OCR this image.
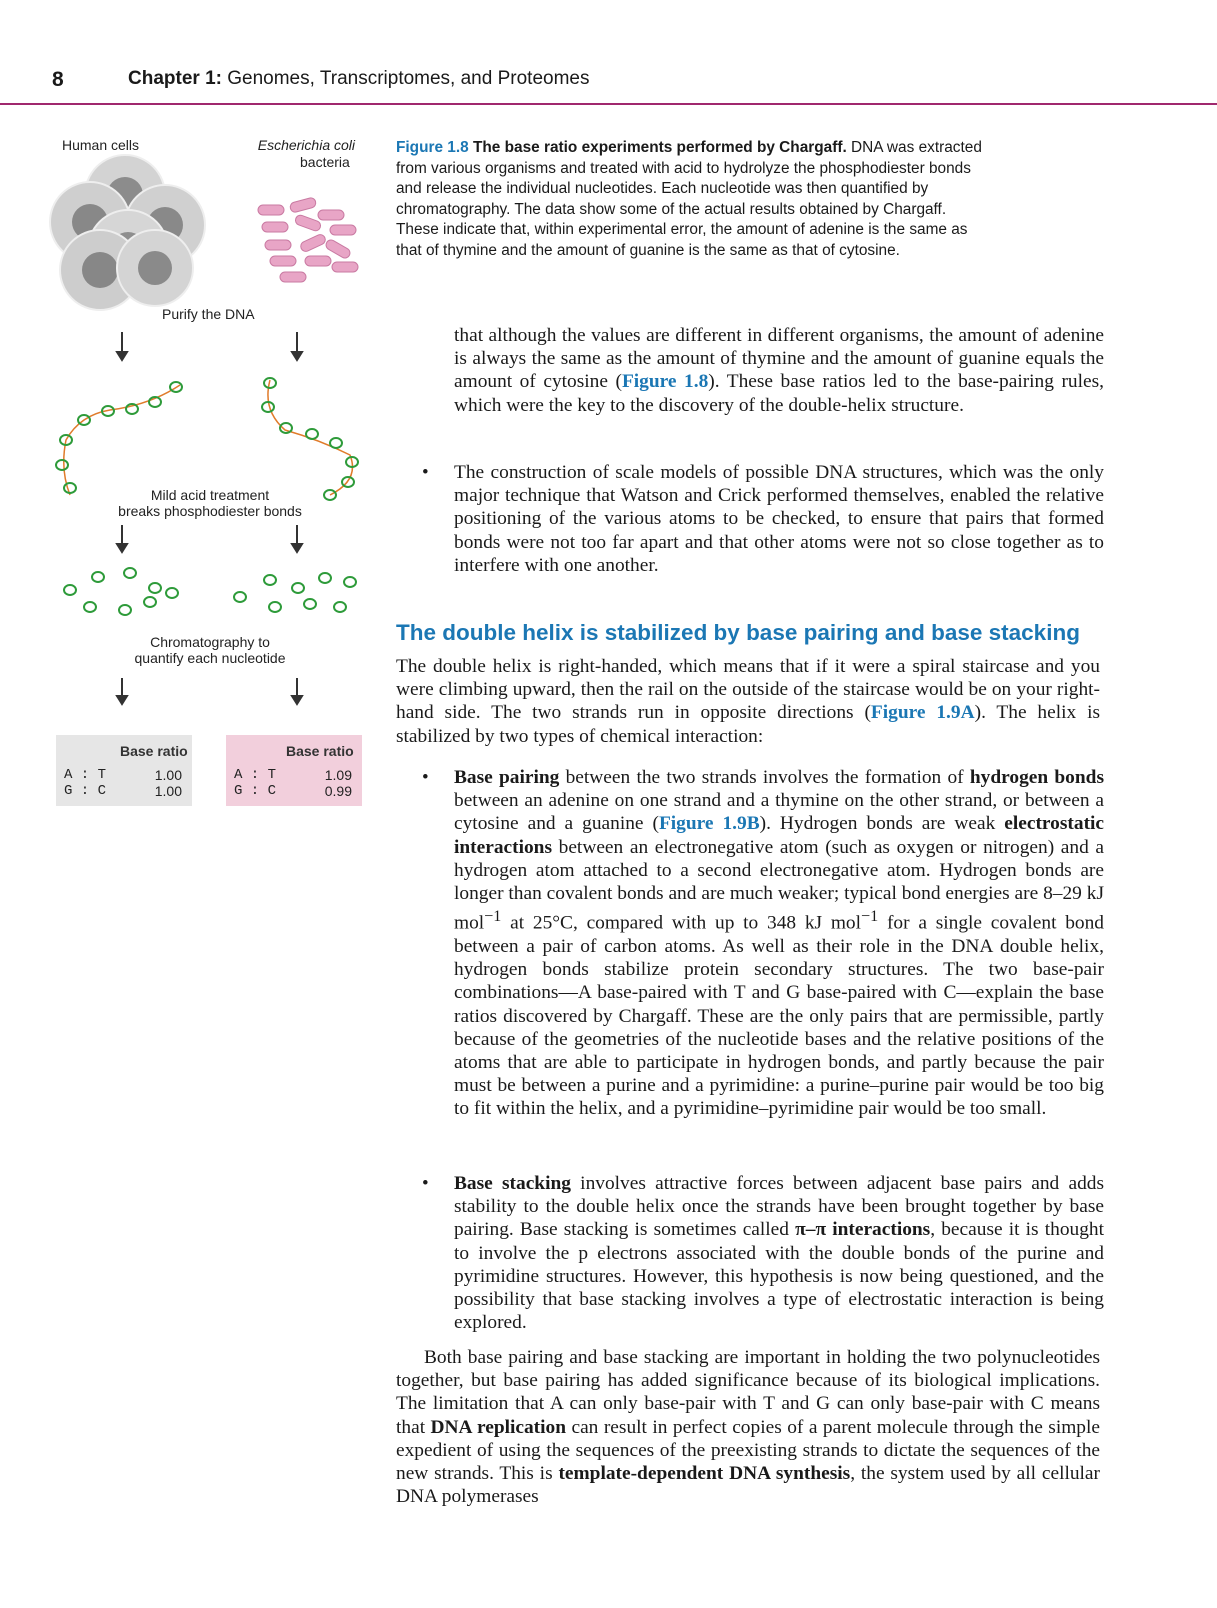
8	Chapter 1: Genomes, Transcriptomes, and Proteomes
Human cells	Escherichia coli
bacteria
Purify the DNA
Mild acid treatment
breaks phosphodiester bonds
Chromatography to
quantify each nucleotide
Base ratio
A : T
G : C
1.00
1.00
Base ratio
A : T
G : C
1.09
0.99
Figure 1.8 The base ratio experiments performed by Chargaff. DNA was extracted from various organisms and treated with acid to hydrolyze the phosphodiester bonds and release the individual nucleotides. Each nucleotide was then quantified by chromatography. The data show some of the actual results obtained by Chargaff. These indicate that, within experimental error, the amount of adenine is the same as that of thymine and the amount of guanine is the same as that of cytosine.
that although the values are different in different organisms, the amount of adenine is always the same as the amount of thymine and the amount of guanine equals the amount of cytosine (Figure 1.8). These base ratios led to the base-pairing rules, which were the key to the discovery of the double-helix structure.
• The construction of scale models of possible DNA structures, which was the only major technique that Watson and Crick performed themselves, enabled the relative positioning of the various atoms to be checked, to ensure that pairs that formed bonds were not too far apart and that other atoms were not so close together as to interfere with one another.
The double helix is stabilized by base pairing and base stacking
The double helix is right-handed, which means that if it were a spiral staircase and you were climbing upward, then the rail on the outside of the staircase would be on your right-hand side. The two strands run in opposite directions (Figure 1.9A). The helix is stabilized by two types of chemical interaction:
• Base pairing between the two strands involves the formation of hydrogen bonds between an adenine on one strand and a thymine on the other strand, or between a cytosine and a guanine (Figure 1.9B). Hydrogen bonds are weak electrostatic interactions between an electronegative atom (such as oxygen or nitrogen) and a hydrogen atom attached to a second electronegative atom. Hydrogen bonds are longer than covalent bonds and are much weaker; typical bond energies are 8–29 kJ mol$^{-1}$ at 25°C, compared with up to 348 kJ mol$^{-1}$ for a single covalent bond between a pair of carbon atoms. As well as their role in the DNA double helix, hydrogen bonds stabilize protein secondary structures. The two base-pair combinations—A base-paired with T and G base-paired with C—explain the base ratios discovered by Chargaff. These are the only pairs that are permissible, partly because of the geometries of the nucleotide bases and the relative positions of the atoms that are able to participate in hydrogen bonds, and partly because the pair must be between a purine and a pyrimidine: a purine–purine pair would be too big to fit within the helix, and a pyrimidine–pyrimidine pair would be too small.
• Base stacking involves attractive forces between adjacent base pairs and adds stability to the double helix once the strands have been brought together by base pairing. Base stacking is sometimes called π–π interactions, because it is thought to involve the p electrons associated with the double bonds of the purine and pyrimidine structures. However, this hypothesis is now being questioned, and the possibility that base stacking involves a type of electrostatic interaction is being explored.
Both base pairing and base stacking are important in holding the two polynucleotides together, but base pairing has added significance because of its biological implications. The limitation that A can only base-pair with T and G can only base-pair with C means that DNA replication can result in perfect copies of a parent molecule through the simple expedient of using the sequences of the preexisting strands to dictate the sequences of the new strands. This is template-dependent DNA synthesis, the system used by all cellular DNA polymerases
